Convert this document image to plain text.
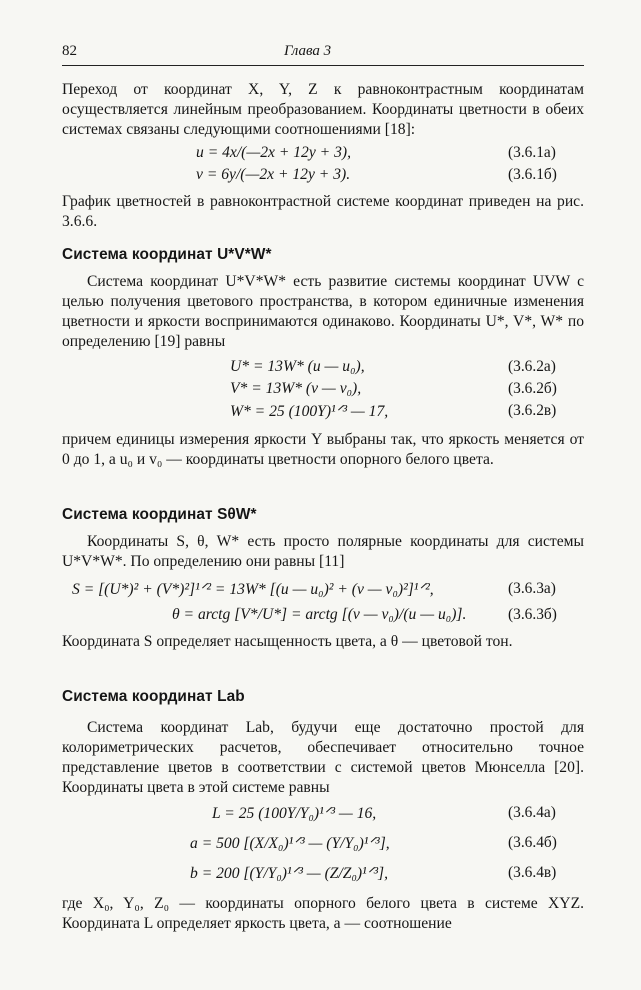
82	Глава 3

Переход от координат X, Y, Z к равноконтрастным координатам осуществляется линейным преобразованием. Координаты цветности в обеих системах связаны следующими соотношениями [18]:

u = 4x/(—2x + 12y + 3),	(3.6.1a)
v = 6y/(—2x + 12y + 3).	(3.6.1б)

График цветностей в равноконтрастной системе координат приведен на рис. 3.6.6.

Система координат U*V*W*

Система координат U*V*W* есть развитие системы координат UVW с целью получения цветового пространства, в котором единичные изменения цветности и яркости воспринимаются одинаково. Координаты U*, V*, W* по определению [19] равны

U* = 13W* (u — u₀),	(3.6.2a)
V* = 13W* (v — v₀),	(3.6.2б)
W* = 25 (100Y)¹ᐟ³ — 17,	(3.6.2в)

причем единицы измерения яркости Y выбраны так, что яркость меняется от 0 до 1, а u₀ и v₀ — координаты цветности опорного белого цвета.

Система координат SθW*

Координаты S, θ, W* есть просто полярные координаты для системы U*V*W*. По определению они равны [11]

S = [(U*)² + (V*)²]¹ᐟ² = 13W* [(u — u₀)² + (v — v₀)²]¹ᐟ²,	(3.6.3a)
θ = arctg [V*/U*] = arctg [(v — v₀)/(u — u₀)].	(3.6.3б)

Координата S определяет насыщенность цвета, а θ — цветовой тон.

Система координат Lab

Система координат Lab, будучи еще достаточно простой для колориметрических расчетов, обеспечивает относительно точное представление цветов в соответствии с системой цветов Мюнселла [20]. Координаты цвета в этой системе равны

L = 25 (100Y/Y₀)¹ᐟ³ — 16,	(3.6.4a)
a = 500 [(X/X₀)¹ᐟ³ — (Y/Y₀)¹ᐟ³],	(3.6.4б)
b = 200 [(Y/Y₀)¹ᐟ³ — (Z/Z₀)¹ᐟ³],	(3.6.4в)

где X₀, Y₀, Z₀ — координаты опорного белого цвета в системе XYZ. Координата L определяет яркость цвета, a — соотношение
